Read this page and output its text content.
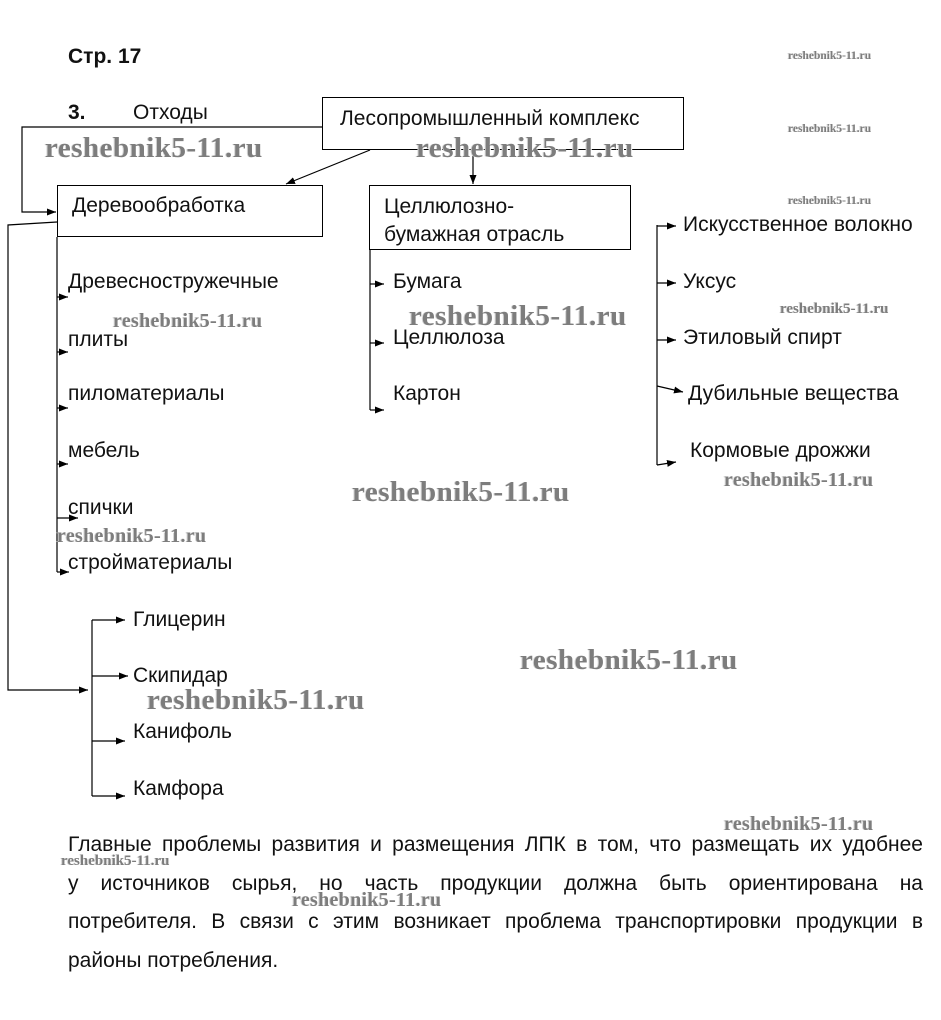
Стр. 17
3. Отходы	Лесопромышленный комплекс
Деревообработка	Целлюлозно-
бумажная отрасль
Древесностружечные
плиты
пиломатериалы
мебель
спички
стройматериалы
Бумага
Целлюлоза
Картон
Искусственное волокно
Уксус
Этиловый спирт
Дубильные вещества
Кормовые дрожжи
Глицерин
Скипидар
Канифоль
Камфора
Главные проблемы развития и размещения ЛПК в том, что размещать их удобнее
у источников сырья, но часть продукции должна быть ориентирована на
потребителя. В связи с этим возникает проблема транспортировки продукции в
районы потребления.
reshebnik5-11.ru
reshebnik5-11.ru	reshebnik5-11.ru
reshebnik5-11.ru
reshebnik5-11.ru
reshebnik5-11.ru	reshebnik5-11.ru	reshebnik5-11.ru
reshebnik5-11.ru	reshebnik5-11.ru
reshebnik5-11.ru
reshebnik5-11.ru
reshebnik5-11.ru
reshebnik5-11.ru
reshebnik5-11.ru
reshebnik5-11.ru
